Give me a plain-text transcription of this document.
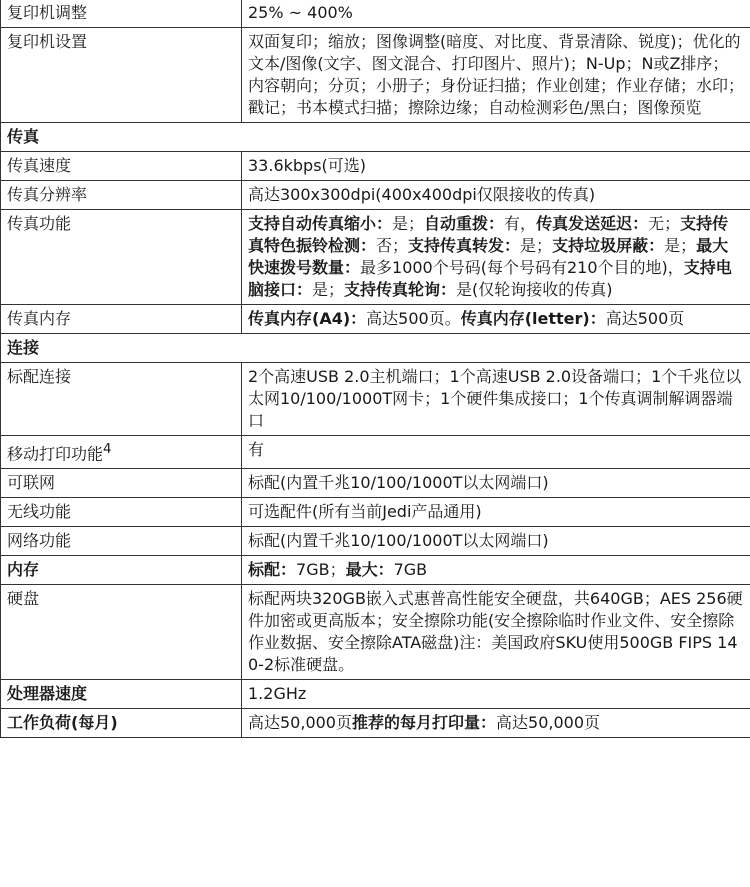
复印机调整	25% ~ 400%
复印机设置	双面复印；缩放；图像调整(暗度、对比度、背景清除、锐度)；优化的文本/图像(文字、图文混合、打印图片、照片)；N-Up；N或Z排序；内容朝向；分页；小册子；身份证扫描；作业创建；作业存储；水印；戳记；书本模式扫描；擦除边缘；自动检测彩色/黑白；图像预览
传真	
传真速度	33.6kbps(可选)
传真分辨率	高达300x300dpi(400x400dpi仅限接收的传真)
传真功能	支持自动传真缩小：是；自动重拨：有，传真发送延迟：无；支持传真特色振铃检测：否；支持传真转发：是；支持垃圾屏蔽：是；最大快速拨号数量：最多1000个号码(每个号码有210个目的地)，支持电脑接口：是；支持传真轮询：是(仅轮询接收的传真)
传真内存	传真内存(A4)：高达500页。传真内存(letter)：高达500页
连接	
标配连接	2个高速USB 2.0主机端口；1个高速USB 2.0设备端口；1个千兆位以太网10/100/1000T网卡；1个硬件集成接口；1个传真调制解调器端口
移动打印功能$^4$	有
可联网	标配(内置千兆10/100/1000T以太网端口)
无线功能	可选配件(所有当前Jedi产品通用)
网络功能	标配(内置千兆10/100/1000T以太网端口)
内存	标配：7GB；最大：7GB
硬盘	标配两块320GB嵌入式惠普高性能安全硬盘，共640GB；AES 256硬件加密或更高版本；安全擦除功能(安全擦除临时作业文件、安全擦除作业数据、安全擦除ATA磁盘)注：美国政府SKU使用500GB FIPS 140-2标准硬盘。
处理器速度	1.2GHz
工作负荷(每月)	高达50,000页推荐的每月打印量：高达50,000页
